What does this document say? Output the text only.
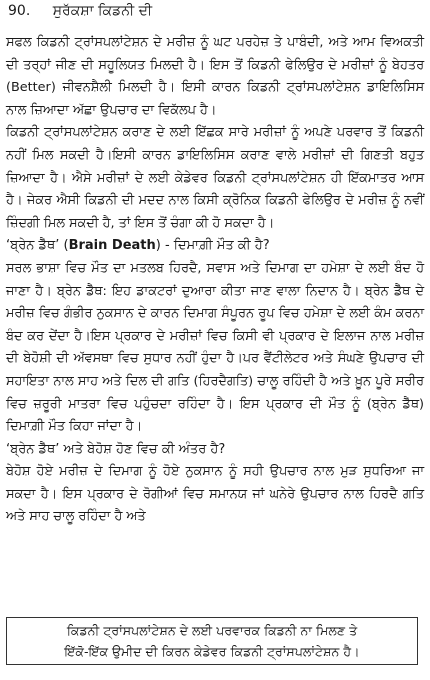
90. ਸੁਰੱਕਸ਼ਾ ਕਿਡਨੀ ਦੀ

ਸਫਲ ਕਿਡਨੀ ਟ੍ਰਾਂਸਪਲਾਂਟੇਸ਼ਨ ਦੇ ਮਰੀਜ਼ ਨੂੰ ਘਟ ਪਰਹੇਜ਼ ਤੇ ਪਾਬੰਦੀ, ਅਤੇ ਆਮ ਵਿਅਕਤੀ ਦੀ ਤਰ੍ਹਾਂ ਜੀਣ ਦੀ ਸਹੂਲਿਯਤ ਮਿਲਦੀ ਹੈ। ਇਸ ਤੋਂ ਕਿਡਨੀ ਫੇਲਿਉਰ ਦੇ ਮਰੀਜ਼ਾਂ ਨੂੰ ਬੇਹਤਰ (Better) ਜੀਵਨਸ਼ੈਲੀ ਮਿਲਦੀ ਹੈ। ਇਸੀ ਕਾਰਨ ਕਿਡਨੀ ਟ੍ਰਾਂਸਪਲਾਂਟੇਸ਼ਨ ਡਾਇਲਿਸਿਸ ਨਾਲ ਜ਼ਿਆਦਾ ਅੱਛਾ ਉਪਚਾਰ ਦਾ ਵਿਕੱਲਪ ਹੈ।

ਕਿਡਨੀ ਟ੍ਰਾਂਸਪਲਾਂਟੇਸ਼ਨ ਕਰਾਣ ਦੇ ਲਈ ਇੱਛਕ ਸਾਰੇ ਮਰੀਜ਼ਾਂ ਨੂੰ ਅਪਣੇ ਪਰਵਾਰ ਤੋਂ ਕਿਡਨੀ ਨਹੀਂ ਮਿਲ ਸਕਦੀ ਹੈ।ਇਸੀ ਕਾਰਨ ਡਾਇਲਿਸਿਸ ਕਰਾਣ ਵਾਲੇ ਮਰੀਜ਼ਾਂ ਦੀ ਗਿਣਤੀ ਬਹੁਤ ਜ਼ਿਆਦਾ ਹੈ। ਐਸੇ ਮਰੀਜ਼ਾਂ ਦੇ ਲਈ ਕੇਡੇਵਰ ਕਿਡਨੀ ਟ੍ਰਾਂਸਪਲਾਂਟੇਸ਼ਨ ਹੀ ਇੱਕਮਾਤਰ ਆਸ ਹੈ। ਜੇਕਰ ਐਸੀ ਕਿਡਨੀ ਦੀ ਮਦਦ ਨਾਲ ਕਿਸੀ ਕ੍ਰੋਨਿਕ ਕਿਡਨੀ ਫੇਲਿਉਰ ਦੇ ਮਰੀਜ਼ ਨੂੰ ਨਵੀਂ ਜ਼ਿੰਦਗੀ ਮਿਲ ਸਕਦੀ ਹੈ, ਤਾਂ ਇਸ ਤੋਂ ਚੰਗਾ ਕੀ ਹੋ ਸਕਦਾ ਹੈ।

‘ਬ੍ਰੇਨ ਡੈੱਥ’ (Brain Death) - ਦਿਮਾਗ਼ੀ ਮੌਤ ਕੀ ਹੈ?

ਸਰਲ ਭਾਸ਼ਾ ਵਿਚ ਮੌਤ ਦਾ ਮਤਲਬ ਹਿਰਦੈ, ਸਵਾਸ ਅਤੇ ਦਿਮਾਗ ਦਾ ਹਮੇਸ਼ਾ ਦੇ ਲਈ ਬੰਦ ਹੋ ਜਾਣਾ ਹੈ। ਬ੍ਰੇਨ ਡੈੱਥ: ਇਹ ਡਾਕਟਰਾਂ ਦੁਆਰਾ ਕੀਤਾ ਜਾਣ ਵਾਲਾ ਨਿਦਾਨ ਹੈ। ਬ੍ਰੇਨ ਡੈੱਥ ਦੇ ਮਰੀਜ਼ ਵਿਚ ਗੰਭੀਰ ਨੁਕਸਾਨ ਦੇ ਕਾਰਨ ਦਿਮਾਗ ਸੰਪੂਰਨ ਰੂਪ ਵਿਚ ਹਮੇਸ਼ਾ ਦੇ ਲਈ ਕੰਮ ਕਰਨਾ ਬੰਦ ਕਰ ਦੇਂਦਾ ਹੈ।ਇਸ ਪ੍ਰਕਾਰ ਦੇ ਮਰੀਜ਼ਾਂ ਵਿਚ ਕਿਸੀ ਵੀ ਪ੍ਰਕਾਰ ਦੇ ਇਲਾਜ ਨਾਲ ਮਰੀਜ਼ ਦੀ ਬੇਹੋਸ਼ੀ ਦੀ ਅੱਵਸਥਾ ਵਿਚ ਸੁਧਾਰ ਨਹੀਂ ਹੁੰਦਾ ਹੈ।ਪਰ ਵੈਂਟੀਲੇਟਰ ਅਤੇ ਸੰਘਣੇ ਉਪਚਾਰ ਦੀ ਸਹਾਇਤਾ ਨਾਲ ਸਾਹ ਅਤੇ ਦਿਲ ਦੀ ਗਤਿ (ਹਿਰਦੈਗਤਿ) ਚਾਲੂ ਰਹਿੰਦੀ ਹੈ ਅਤੇ ਖ਼ੂਨ ਪੂਰੇ ਸਰੀਰ ਵਿਚ ਜ਼ਰੂਰੀ ਮਾਤਰਾ ਵਿਚ ਪਹੁੰਚਦਾ ਰਹਿੰਦਾ ਹੈ। ਇਸ ਪ੍ਰਕਾਰ ਦੀ ਮੌਤ ਨੂੰ (ਬ੍ਰੇਨ ਡੈੱਥ) ਦਿਮਾਗ਼ੀ ਮੌਤ ਕਿਹਾ ਜਾਂਦਾ ਹੈ।

‘ਬ੍ਰੇਨ ਡੈੱਥ’ ਅਤੇ ਬੇਹੋਸ਼ ਹੋਣ ਵਿਚ ਕੀ ਅੰਤਰ ਹੈ?

ਬੇਹੋਸ਼ ਹੋਏ ਮਰੀਜ਼ ਦੇ ਦਿਮਾਗ ਨੂੰ ਹੋਏ ਨੁਕਸਾਨ ਨੂੰ ਸਹੀ ਉਪਚਾਰ ਨਾਲ ਮੁੜ ਸੁਧਰਿਆ ਜਾ ਸਕਦਾ ਹੈ। ਇਸ ਪ੍ਰਕਾਰ ਦੇ ਰੋਗੀਆਂ ਵਿਚ ਸਮਾਨਯ ਜਾਂ ਘਨੇਰੇ ਉਪਚਾਰ ਨਾਲ ਹਿਰਦੈ ਗਤਿ ਅਤੇ ਸਾਹ ਚਾਲੂ ਰਹਿੰਦਾ ਹੈ ਅਤੇ

ਕਿਡਨੀ ਟ੍ਰਾਂਸਪਲਾਂਟੇਸ਼ਨ ਦੇ ਲਈ ਪਰਵਾਰਕ ਕਿਡਨੀ ਨਾ ਮਿਲਣ ਤੇ
ਇੱਕੋ-ਇੱਕ ਉਮੀਦ ਦੀ ਕਿਰਨ ਕੇਡੇਵਰ ਕਿਡਨੀ ਟ੍ਰਾਂਸਪਲਾਂਟੇਸ਼ਨ ਹੈ।
